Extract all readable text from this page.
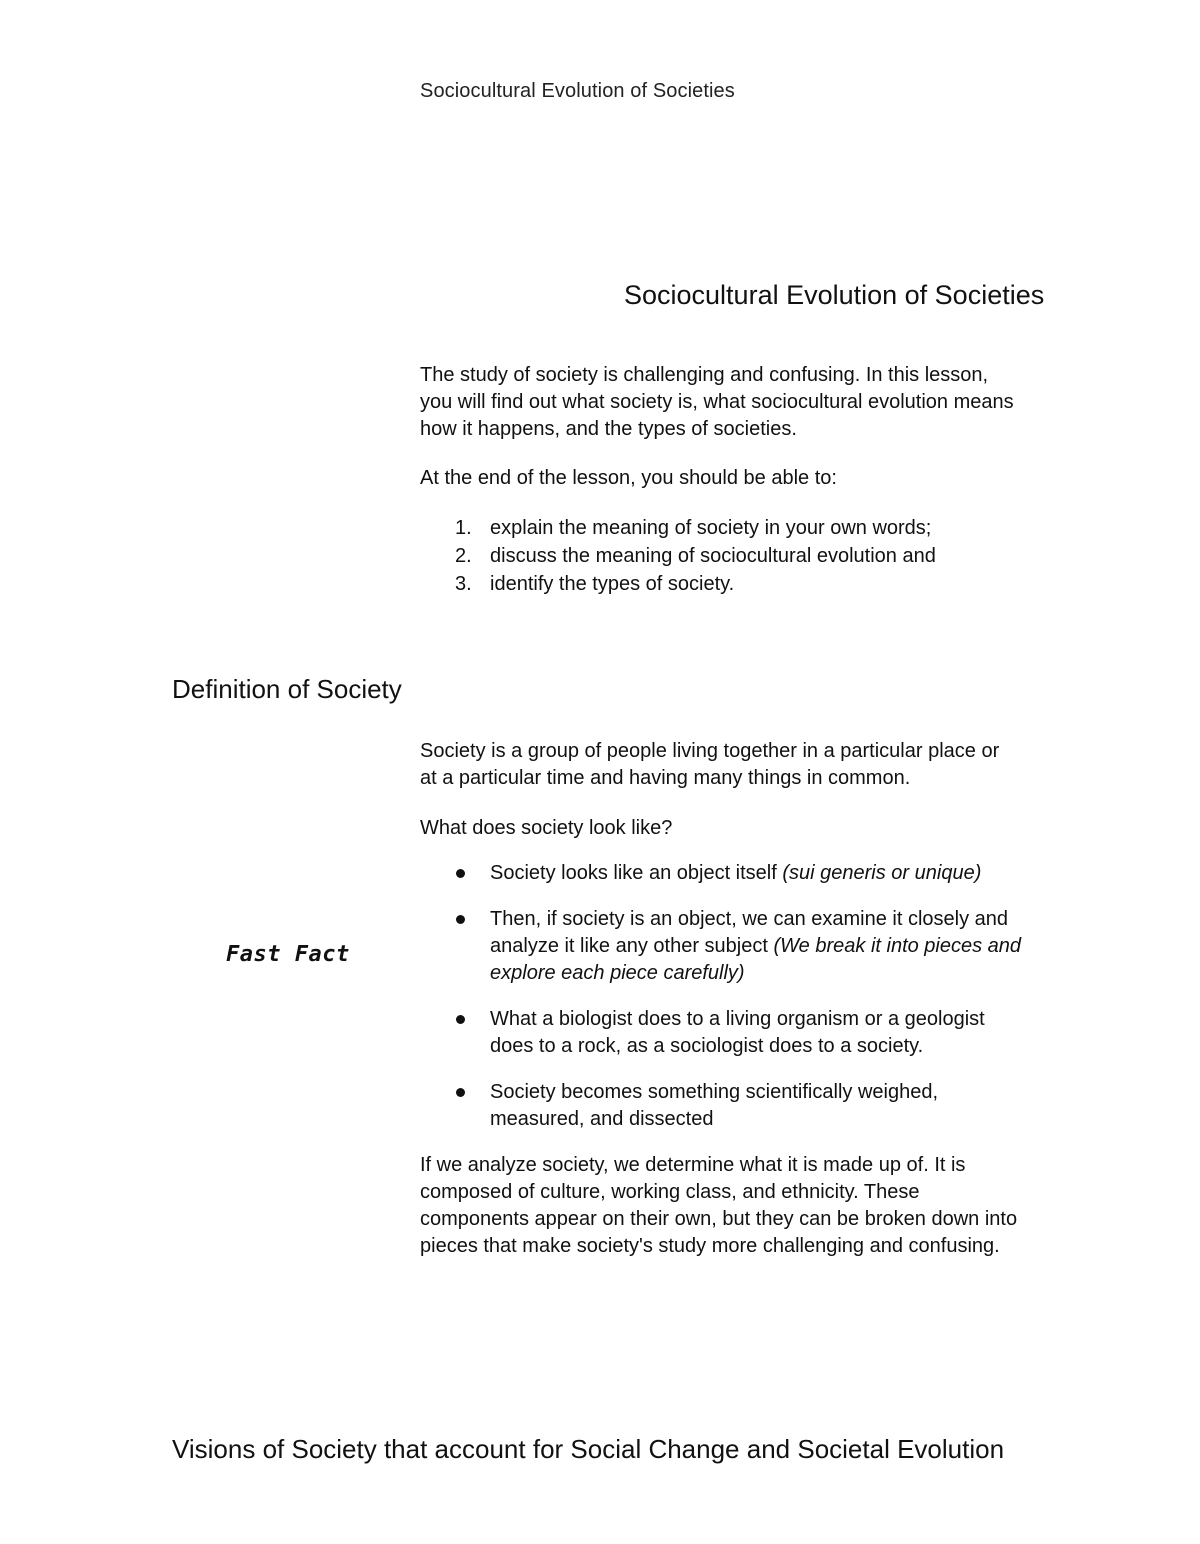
Sociocultural Evolution of Societies
Sociocultural Evolution of Societies

The study of society is challenging and confusing. In this lesson,

you will find out what society is, what sociocultural evolution means

how it happens, and the types of societies.

At the end of the lesson, you should be able to:
1. explain the meaning of society in your own words;
2. discuss the meaning of sociocultural evolution and
3. identify the types of society.
Definition of Society

Society is a group of people living together in a particular place or

at a particular time and having many things in common.

What does society look like?
Fast Fact
Society looks like an object itself (sui generis or unique)
Then, if society is an object, we can examine it closely and
analyze it like any other subject (We break it into pieces and
explore each piece carefully)
What a biologist does to a living organism or a geologist
does to a rock, as a sociologist does to a society.
Society becomes something scientifically weighed,
measured, and dissected

If we analyze society, we determine what it is made up of. It is

composed of culture, working class, and ethnicity. These

components appear on their own, but they can be broken down into

pieces that make society's study more challenging and confusing.

Visions of Society that account for Social Change and Societal Evolution
